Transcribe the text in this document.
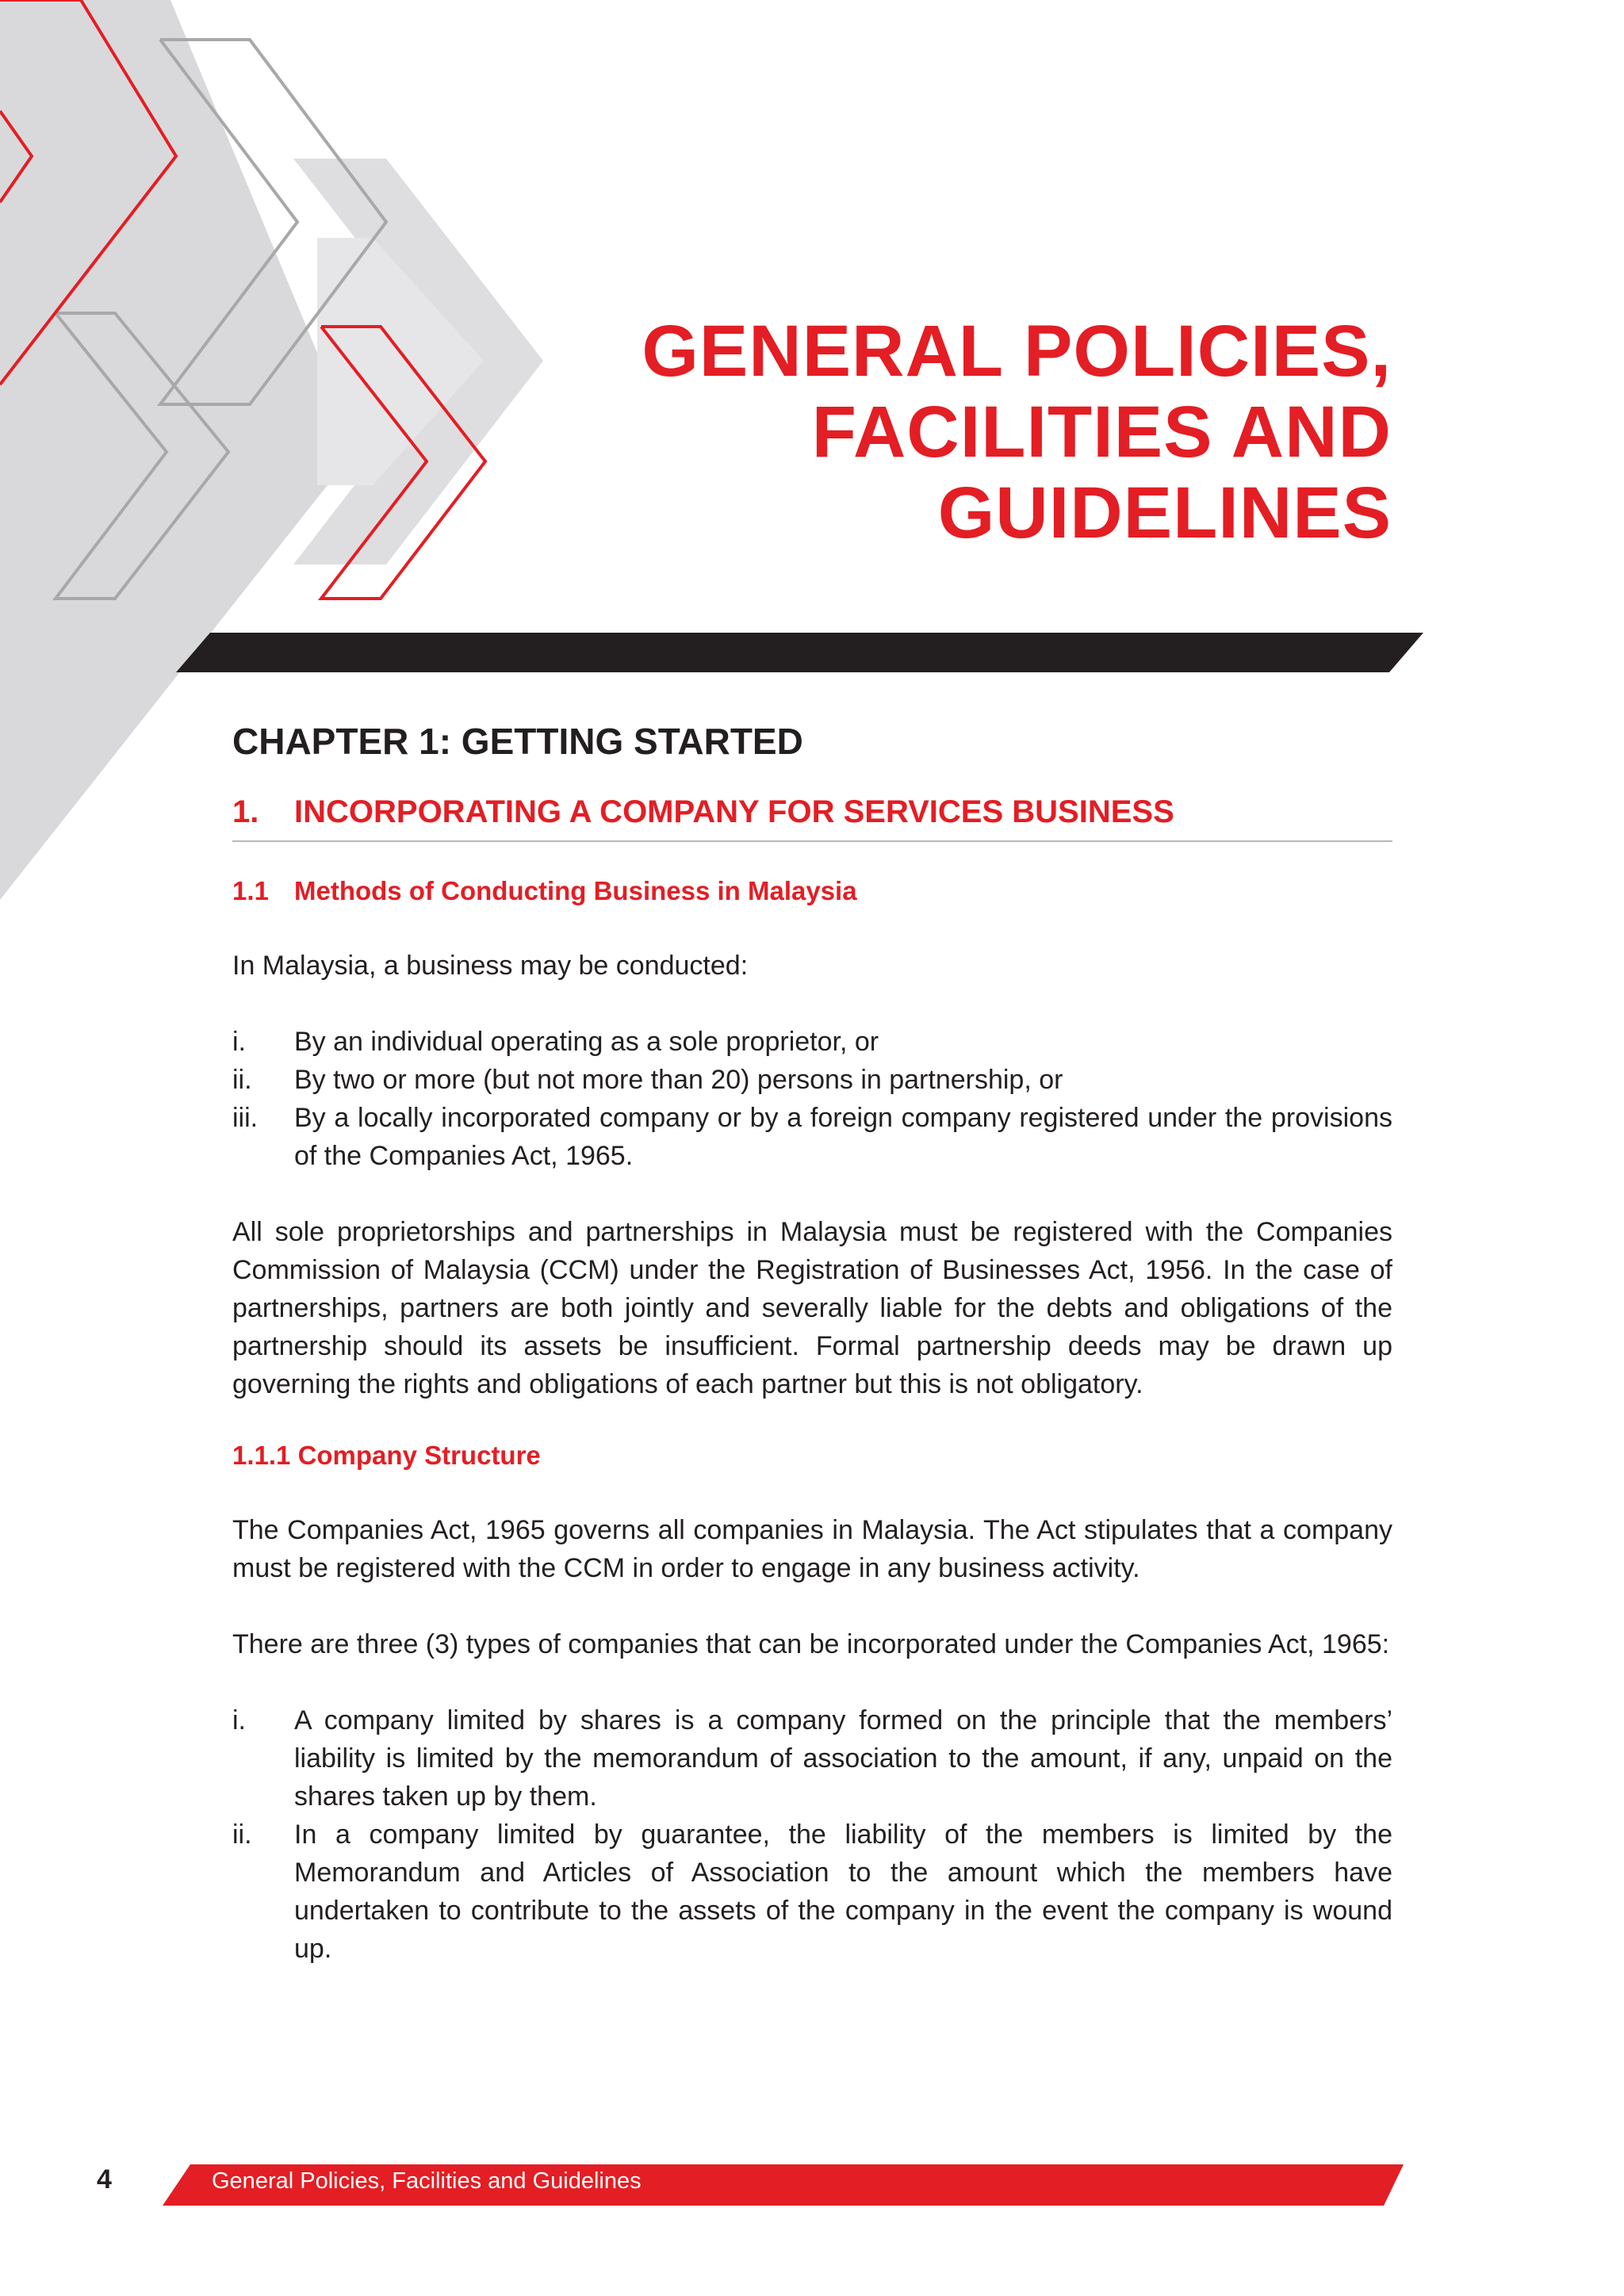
GENERAL POLICIES,
FACILITIES AND
GUIDELINES
CHAPTER 1: GETTING STARTED
1.	INCORPORATING A COMPANY FOR SERVICES BUSINESS
1.1 Methods of Conducting Business in Malaysia

In Malaysia, a business may be conducted:

i.	By an individual operating as a sole proprietor, or
ii.	By two or more (but not more than 20) persons in partnership, or
iii.	By a locally incorporated company or by a foreign company registered under the provisions of the Companies Act, 1965.

All sole proprietorships and partnerships in Malaysia must be registered with the Companies Commission of Malaysia (CCM) under the Registration of Businesses Act, 1956. In the case of partnerships, partners are both jointly and severally liable for the debts and obligations of the partnership should its assets be insufficient. Formal partnership deeds may be drawn up governing the rights and obligations of each partner but this is not obligatory.

1.1.1 Company Structure

The Companies Act, 1965 governs all companies in Malaysia. The Act stipulates that a company must be registered with the CCM in order to engage in any business activity.

There are three (3) types of companies that can be incorporated under the Companies Act, 1965:

i.	A company limited by shares is a company formed on the principle that the members’ liability is limited by the memorandum of association to the amount, if any, unpaid on the shares taken up by them.
ii.	In a company limited by guarantee, the liability of the members is limited by the Memorandum and Articles of Association to the amount which the members have undertaken to contribute to the assets of the company in the event the company is wound up.
4	General Policies, Facilities and Guidelines
